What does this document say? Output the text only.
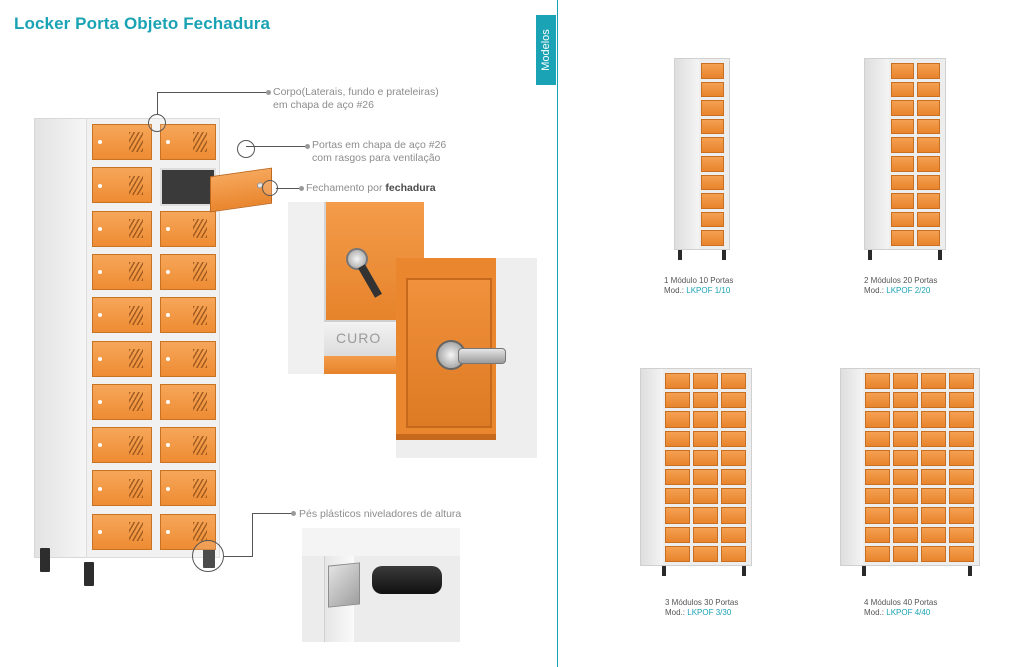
Locker Porta Objeto Fechadura
Modelos
Corpo(Laterais, fundo e prateleiras)
em chapa de aço #26
Portas em chapa de aço #26
com rasgos para ventilação
Fechamento por fechadura
Pés plásticos niveladores de altura
CURO
1 Módulo 10 Portas
Mod.: LKPOF 1/10
2 Módulos 20 Portas
Mod.: LKPOF 2/20
3 Módulos 30 Portas
Mod.: LKPOF 3/30
4 Módulos 40 Portas
Mod.: LKPOF 4/40
